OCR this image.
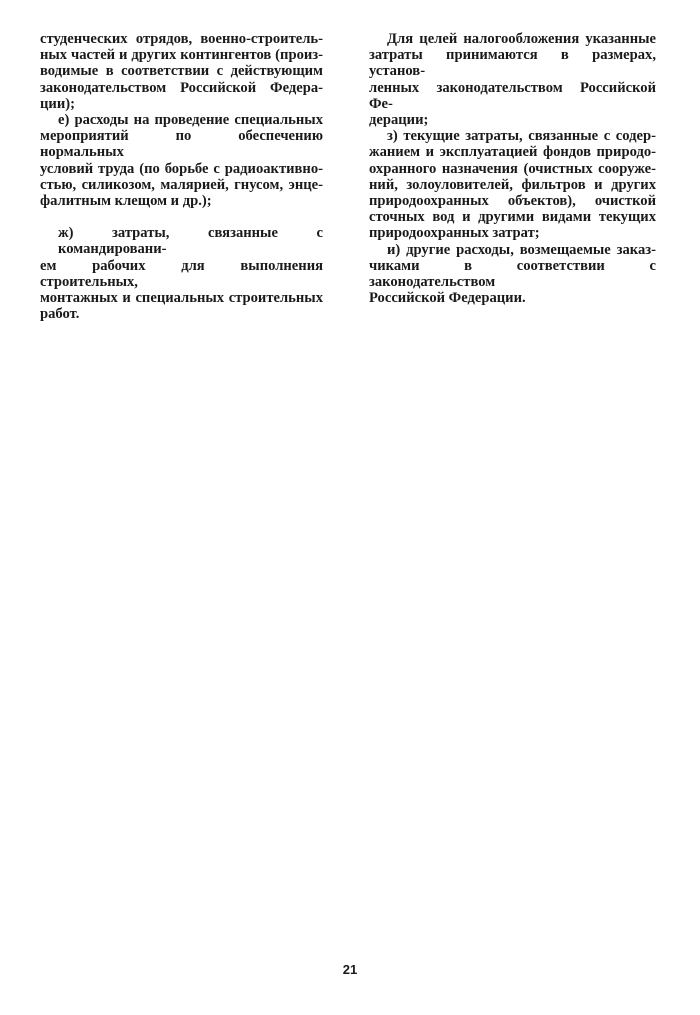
студенческих отрядов, военно-строитель-
ных частей и других контингентов (произ-
водимые в соответствии с действующим
законодательством Российской Федера-
ции);

е) расходы на проведение специальных
мероприятий по обеспечению нормальных
условий труда (по борьбе с радиоактивно-
стью, силикозом, малярией, гнусом, энце-
фалитным клещом и др.);

ж) затраты, связанные с командировани-
ем рабочих для выполнения строительных,
монтажных и специальных строительных
работ.

Для целей налогообложения указанные
затраты принимаются в размерах, установ-
ленных законодательством Российской Фе-
дерации;

з) текущие затраты, связанные с содер-
жанием и эксплуатацией фондов природо-
охранного назначения (очистных сооруже-
ний, золоуловителей, фильтров и других
природоохранных объектов), очисткой
сточных вод и другими видами текущих
природоохранных затрат;

и) другие расходы, возмещаемые заказ-
чиками в соответствии с законодательством
Российской Федерации.

21
